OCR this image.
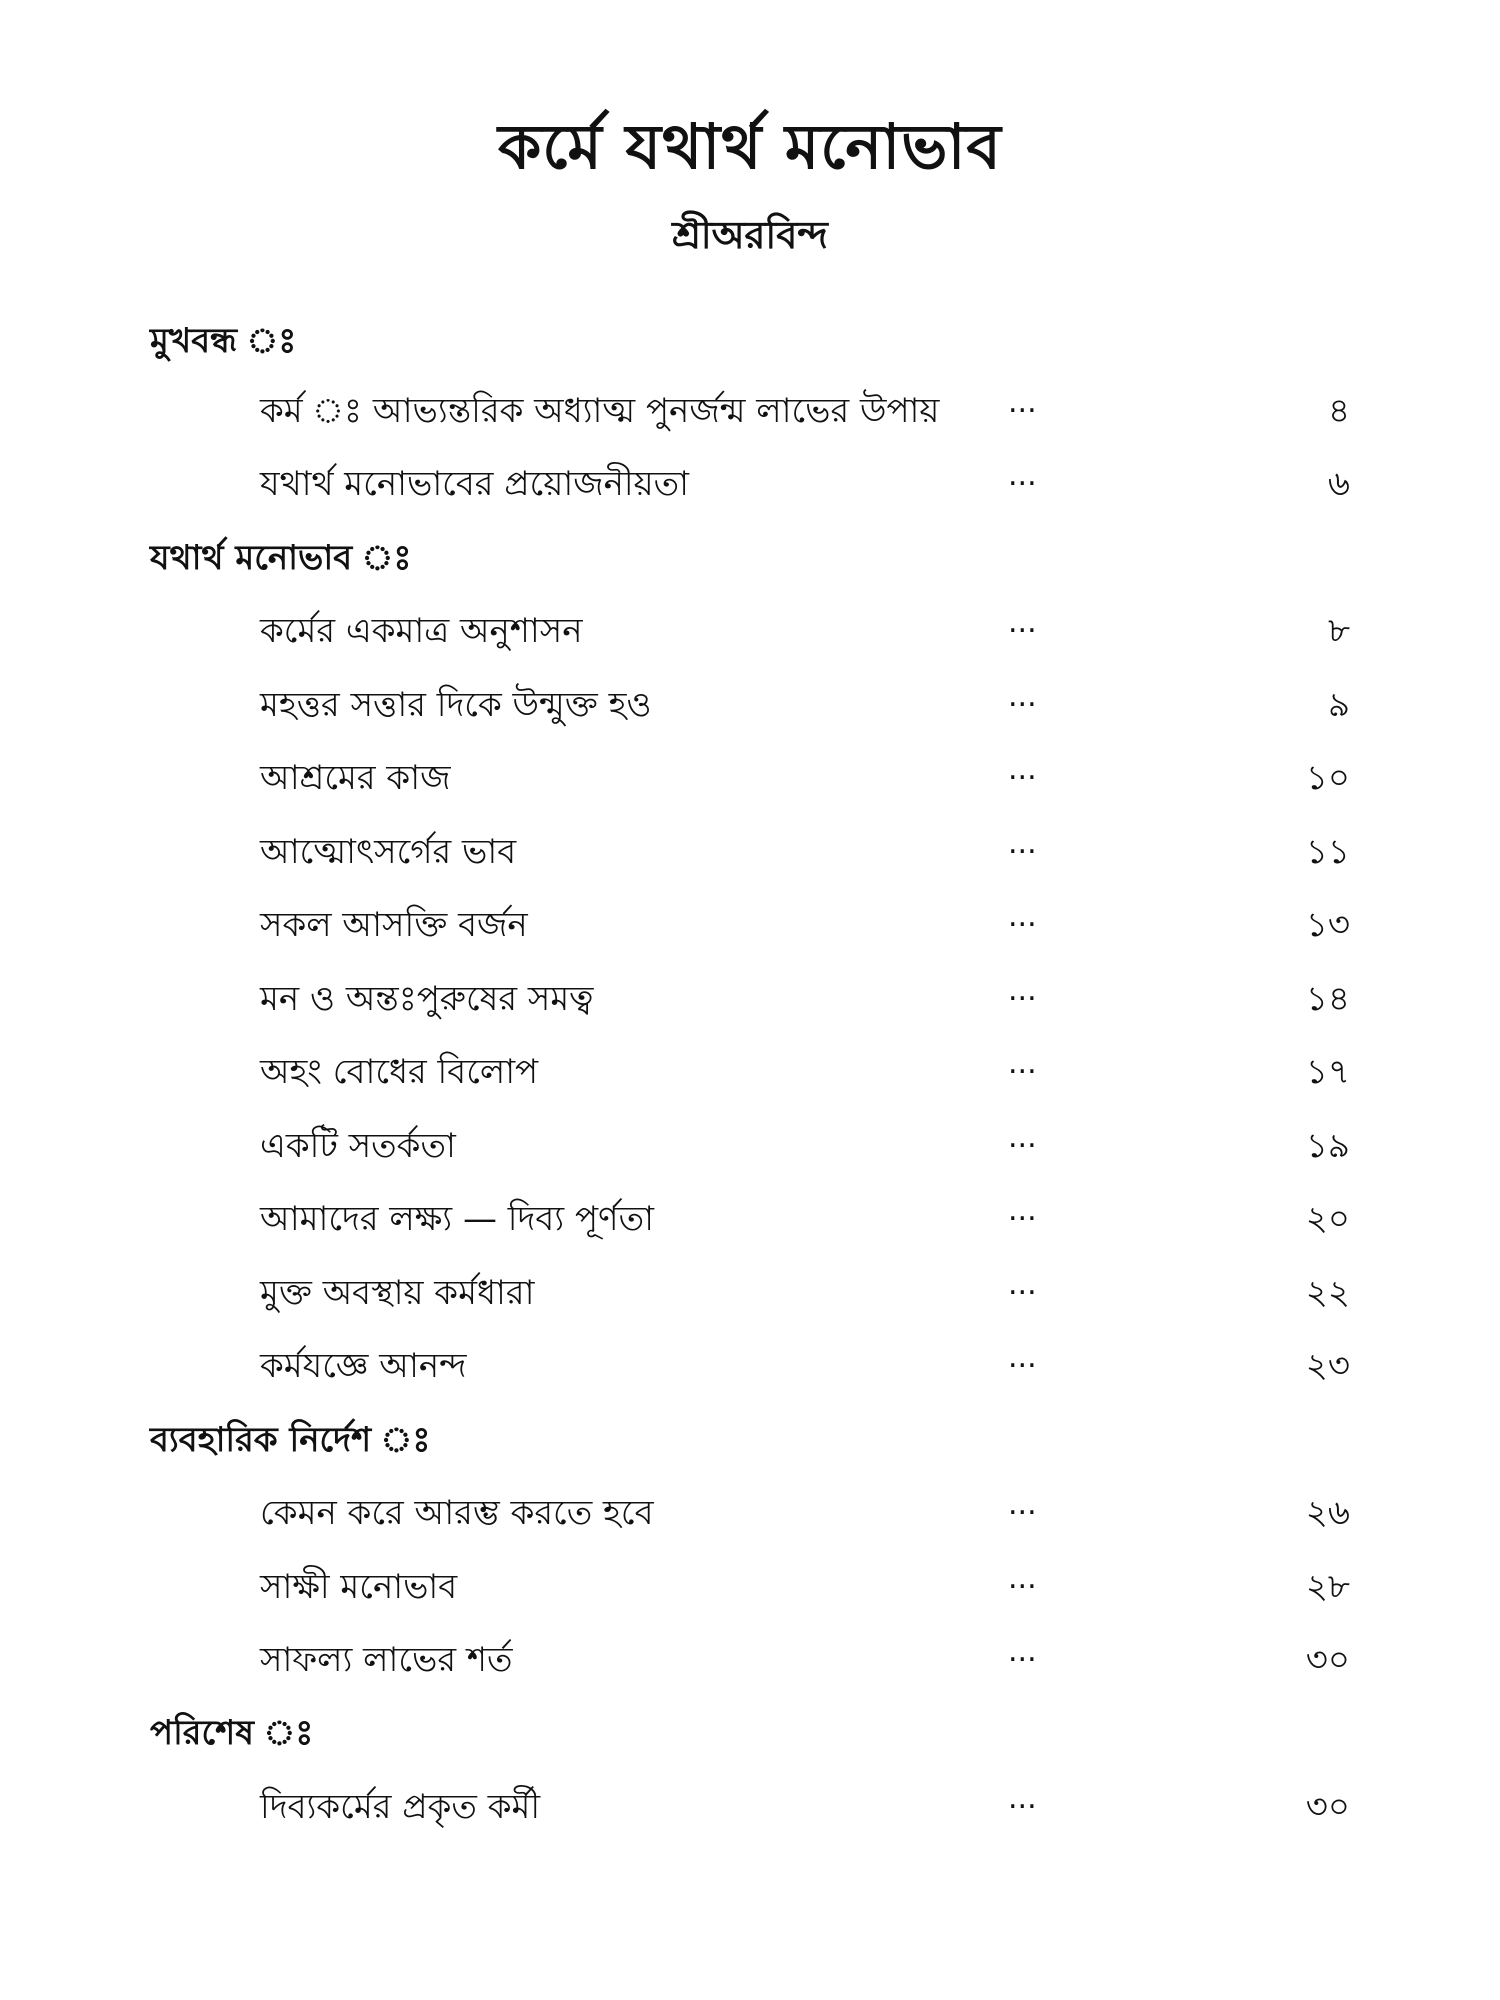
কর্মে যথার্থ মনোভাব
শ্রীঅরবিন্দ
মুখবন্ধ ঃ
কর্ম ঃ আভ্যন্তরিক অধ্যাত্ম পুনর্জন্ম লাভের উপায় ...	৪
যথার্থ মনোভাবের প্রয়োজনীয়তা	...	৬
যথার্থ মনোভাব ঃ
কর্মের একমাত্র অনুশাসন	...	৮
মহত্তর সত্তার দিকে উন্মুক্ত হও	...	৯
আশ্রমের কাজ	...	১০
আত্মোৎসর্গের ভাব	...	১১
সকল আসক্তি বর্জন	...	১৩
মন ও অন্তঃপুরুষের সমত্ব	...	১৪
অহং বোধের বিলোপ	...	১৭
একটি সতর্কতা	...	১৯
আমাদের লক্ষ্য — দিব্য পূর্ণতা	...	২০
মুক্ত অবস্থায় কর্মধারা	...	২২
কর্মযজ্ঞে আনন্দ	...	২৩
ব্যবহারিক নির্দেশ ঃ
কেমন করে আরম্ভ করতে হবে	...	২৬
সাক্ষী মনোভাব	...	২৮
সাফল্য লাভের শর্ত	...	৩০
পরিশেষ ঃ
দিব্যকর্মের প্রকৃত কর্মী	...	৩০
